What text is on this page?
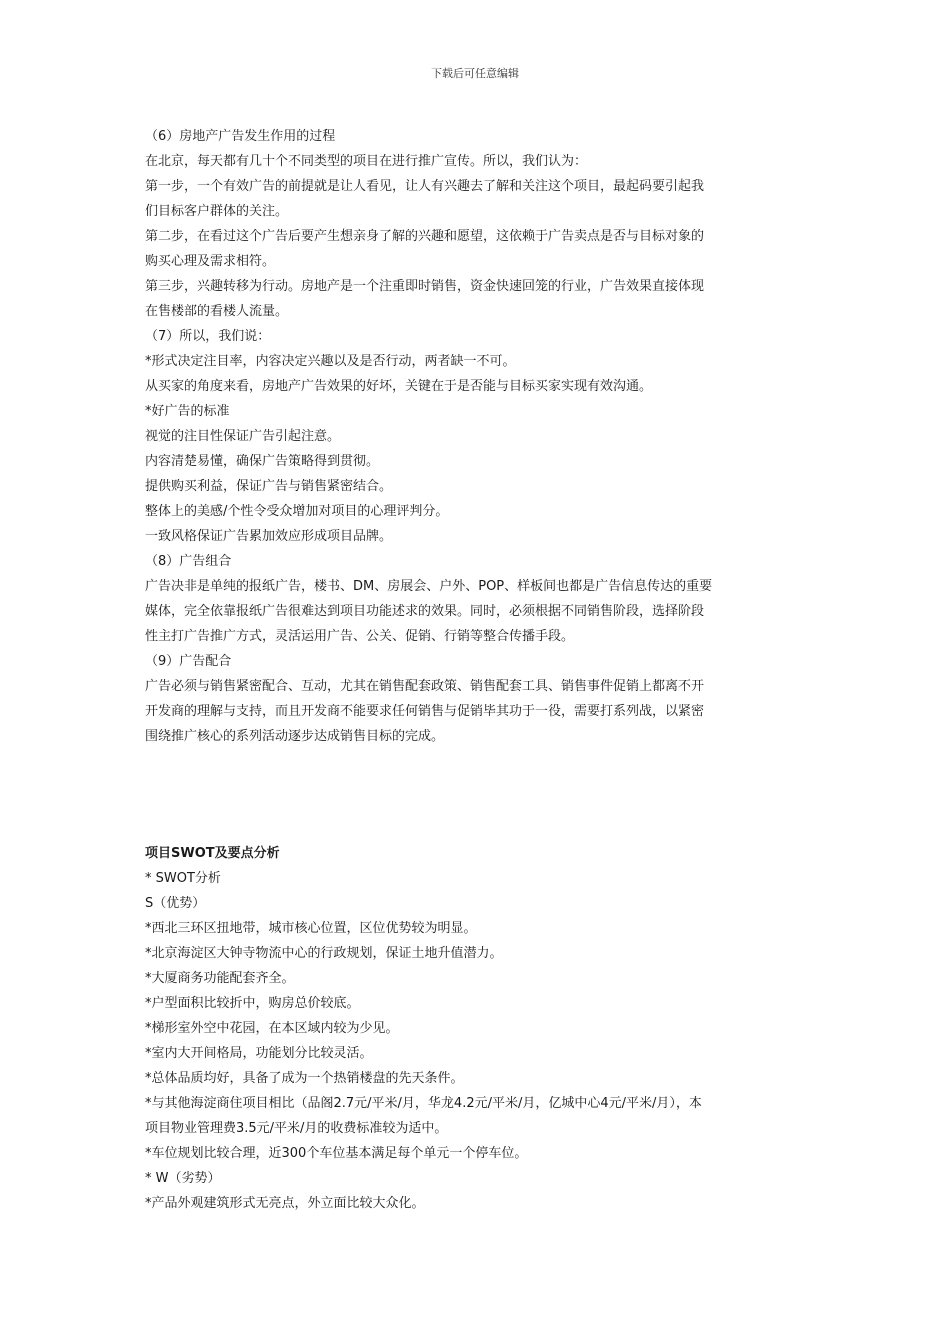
下载后可任意编辑

（6）房地产广告发生作用的过程

在北京，每天都有几十个不同类型的项目在进行推广宣传。所以，我们认为：

第一步，一个有效广告的前提就是让人看见，让人有兴趣去了解和关注这个项目，最起码要引起我

们目标客户群体的关注。

第二步，在看过这个广告后要产生想亲身了解的兴趣和愿望，这依赖于广告卖点是否与目标对象的

购买心理及需求相符。

第三步，兴趣转移为行动。房地产是一个注重即时销售，资金快速回笼的行业，广告效果直接体现

在售楼部的看楼人流量。

（7）所以，我们说：

*形式决定注目率，内容决定兴趣以及是否行动，两者缺一不可。

从买家的角度来看，房地产广告效果的好坏，关键在于是否能与目标买家实现有效沟通。

*好广告的标准

视觉的注目性保证广告引起注意。

内容清楚易懂，确保广告策略得到贯彻。

提供购买利益，保证广告与销售紧密结合。

整体上的美感/个性令受众增加对项目的心理评判分。

一致风格保证广告累加效应形成项目品牌。

（8）广告组合

广告决非是单纯的报纸广告，楼书、DM、房展会、户外、POP、样板间也都是广告信息传达的重要

媒体，完全依靠报纸广告很难达到项目功能述求的效果。同时，必须根据不同销售阶段，选择阶段

性主打广告推广方式，灵活运用广告、公关、促销、行销等整合传播手段。

（9）广告配合

广告必须与销售紧密配合、互动，尤其在销售配套政策、销售配套工具、销售事件促销上都离不开

开发商的理解与支持，而且开发商不能要求任何销售与促销毕其功于一役，需要打系列战，以紧密

围绕推广核心的系列活动逐步达成销售目标的完成。

项目SWOT及要点分析

* SWOT分析

S（优势）

*西北三环区扭地带，城市核心位置，区位优势较为明显。

*北京海淀区大钟寺物流中心的行政规划，保证土地升值潜力。

*大厦商务功能配套齐全。

*户型面积比较折中，购房总价较底。

*梯形室外空中花园，在本区域内较为少见。

*室内大开间格局，功能划分比较灵活。

*总体品质均好，具备了成为一个热销楼盘的先天条件。

*与其他海淀商住项目相比（品阁2.7元/平米/月，华龙4.2元/平米/月，亿城中心4元/平米/月），本

项目物业管理费3.5元/平米/月的收费标准较为适中。

*车位规划比较合理，近300个车位基本满足每个单元一个停车位。

* W（劣势）

*产品外观建筑形式无亮点，外立面比较大众化。
